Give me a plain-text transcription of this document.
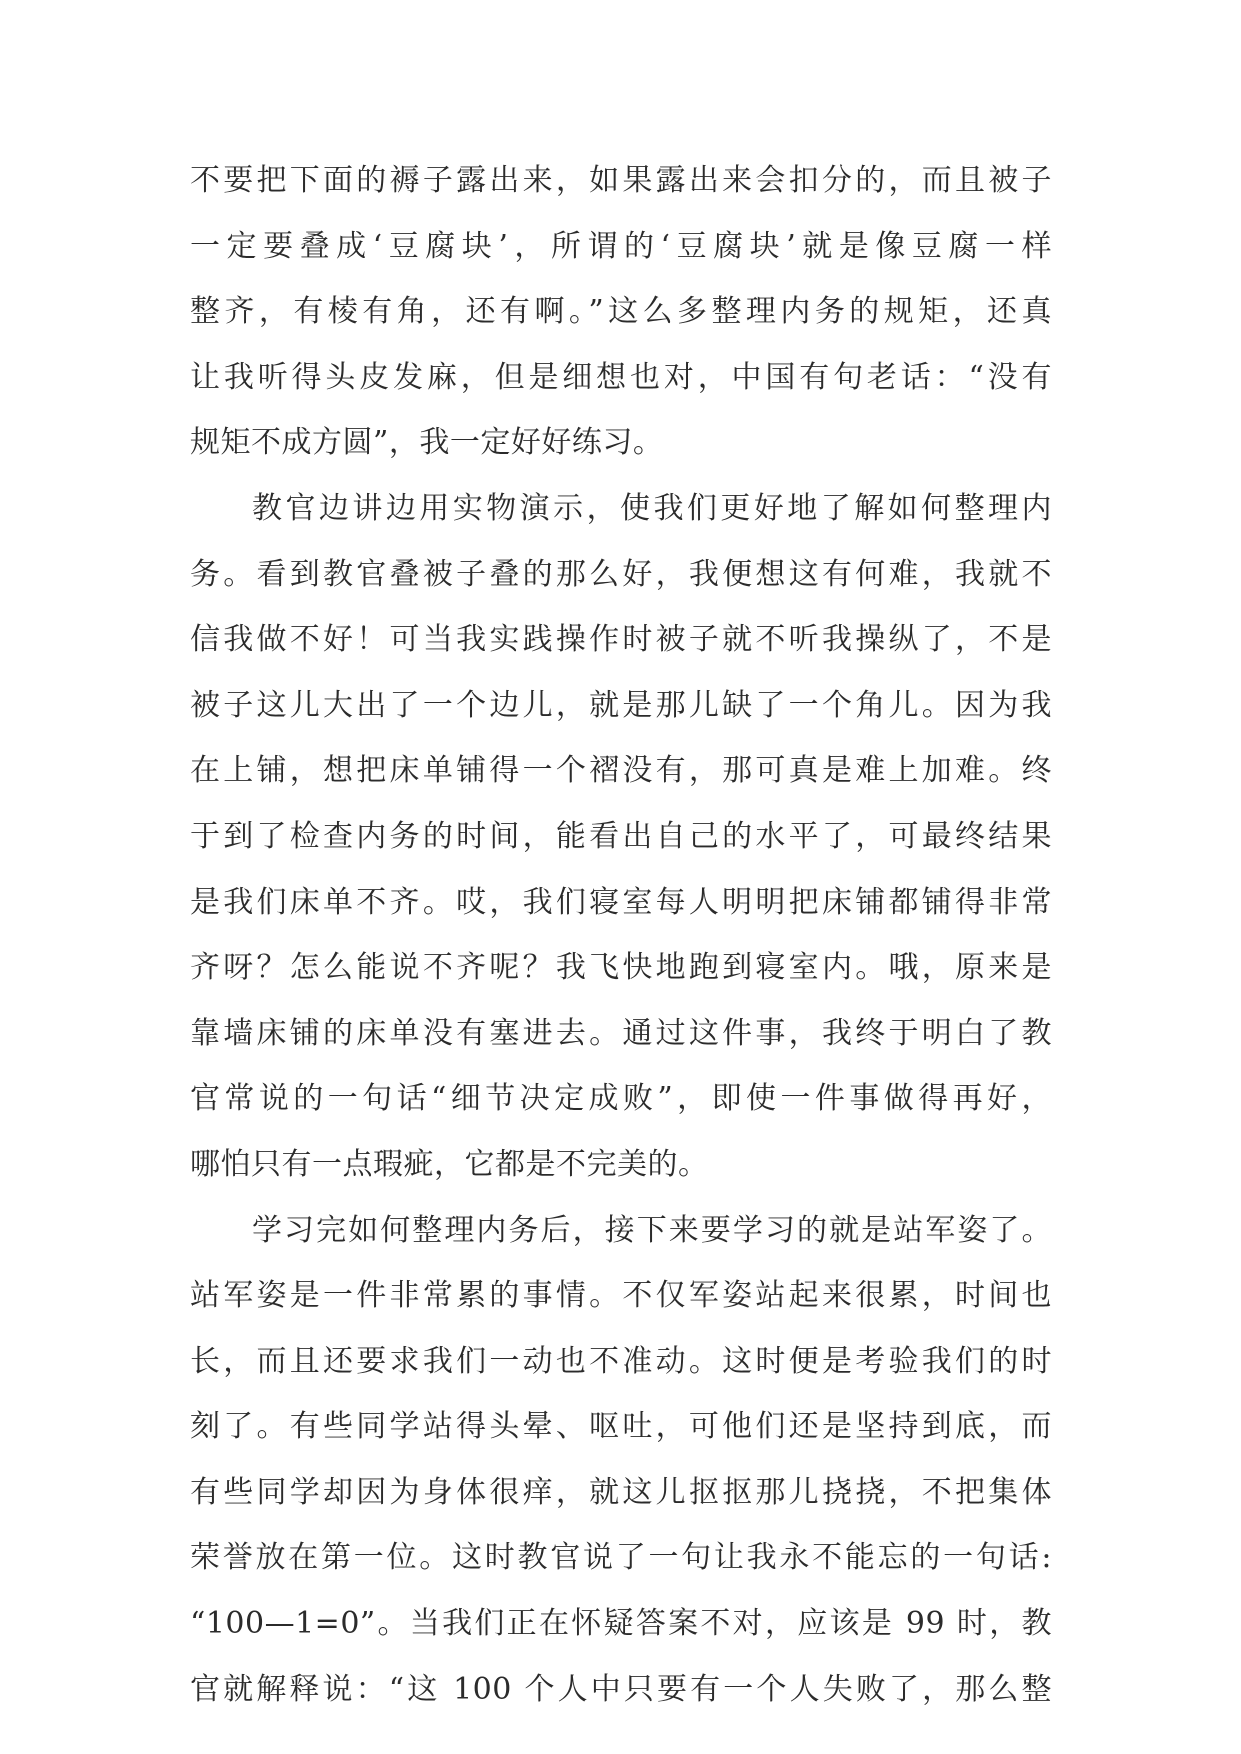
不要把下面的褥子露出来，如果露出来会扣分的，而且被子
一定要叠成‘豆腐块’，所谓的‘豆腐块’就是像豆腐一样
整齐，有棱有角，还有啊。”这么多整理内务的规矩，还真
让我听得头皮发麻，但是细想也对，中国有句老话：“没有
规矩不成方圆”，我一定好好练习。
教官边讲边用实物演示，使我们更好地了解如何整理内
务。看到教官叠被子叠的那么好，我便想这有何难，我就不
信我做不好！可当我实践操作时被子就不听我操纵了，不是
被子这儿大出了一个边儿，就是那儿缺了一个角儿。因为我
在上铺，想把床单铺得一个褶没有，那可真是难上加难。终
于到了检查内务的时间，能看出自己的水平了，可最终结果
是我们床单不齐。哎，我们寝室每人明明把床铺都铺得非常
齐呀？怎么能说不齐呢？我飞快地跑到寝室内。哦，原来是
靠墙床铺的床单没有塞进去。通过这件事，我终于明白了教
官常说的一句话“细节决定成败”，即使一件事做得再好，
哪怕只有一点瑕疵，它都是不完美的。
学习完如何整理内务后，接下来要学习的就是站军姿了。
站军姿是一件非常累的事情。不仅军姿站起来很累，时间也
长，而且还要求我们一动也不准动。这时便是考验我们的时
刻了。有些同学站得头晕、呕吐，可他们还是坚持到底，而
有些同学却因为身体很痒，就这儿抠抠那儿挠挠，不把集体
荣誉放在第一位。这时教官说了一句让我永不能忘的一句话:
“100—1=0”。当我们正在怀疑答案不对，应该是 99 时，教
官就解释说：“这 100 个人中只要有一个人失败了，那么整
